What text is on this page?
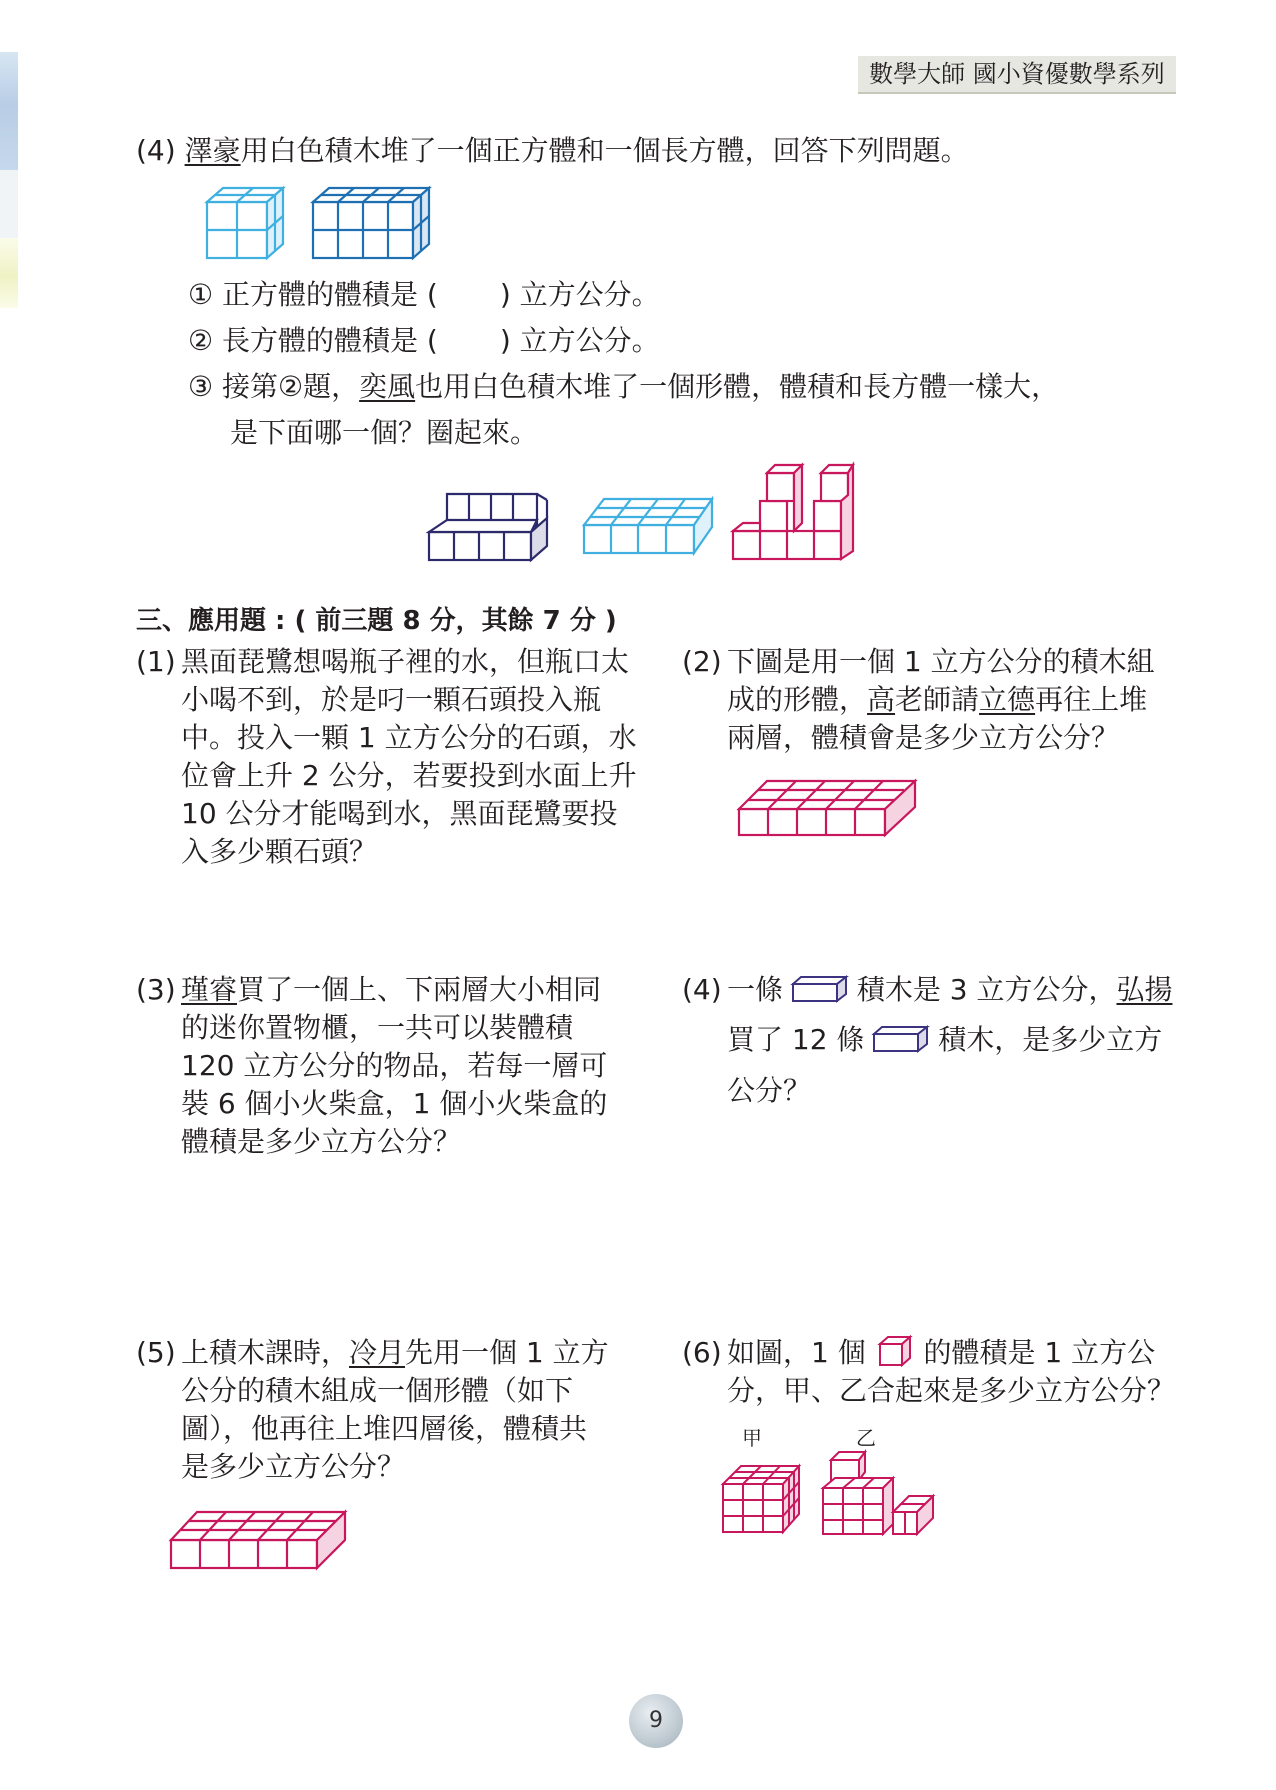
數學大師 國小資優數學系列
(4) 澤豪用白色積木堆了一個正方體和一個長方體，回答下列問題。
① 正方體的體積是 ( ) 立方公分。
② 長方體的體積是 ( ) 立方公分。
③ 接第②題，奕風也用白色積木堆了一個形體，體積和長方體一樣大，
是下面哪一個？圈起來。
三、應用題 : ( 前三題 8 分，其餘 7 分 )
(1) 黑面琵鷺想喝瓶子裡的水，但瓶口太
小喝不到，於是叼一顆石頭投入瓶
中。投入一顆 1 立方公分的石頭，水
位會上升 2 公分，若要投到水面上升
10 公分才能喝到水，黑面琵鷺要投
入多少顆石頭？
(2) 下圖是用一個 1 立方公分的積木組
成的形體，高老師請立德再往上堆
兩層，體積會是多少立方公分？
(3) 瑾睿買了一個上、下兩層大小相同
的迷你置物櫃，一共可以裝體積
120 立方公分的物品，若每一層可
裝 6 個小火柴盒，1 個小火柴盒的
體積是多少立方公分？
(4) 一條	積木是 3 立方公分，弘揚
買了 12 條	積木，是多少立方
公分？
(5) 上積木課時，冷月先用一個 1 立方
公分的積木組成一個形體（如下
圖），他再往上堆四層後，體積共
是多少立方公分？
(6) 如圖，1 個 的體積是 1 立方公
分，甲、乙合起來是多少立方公分？
甲	乙
9
